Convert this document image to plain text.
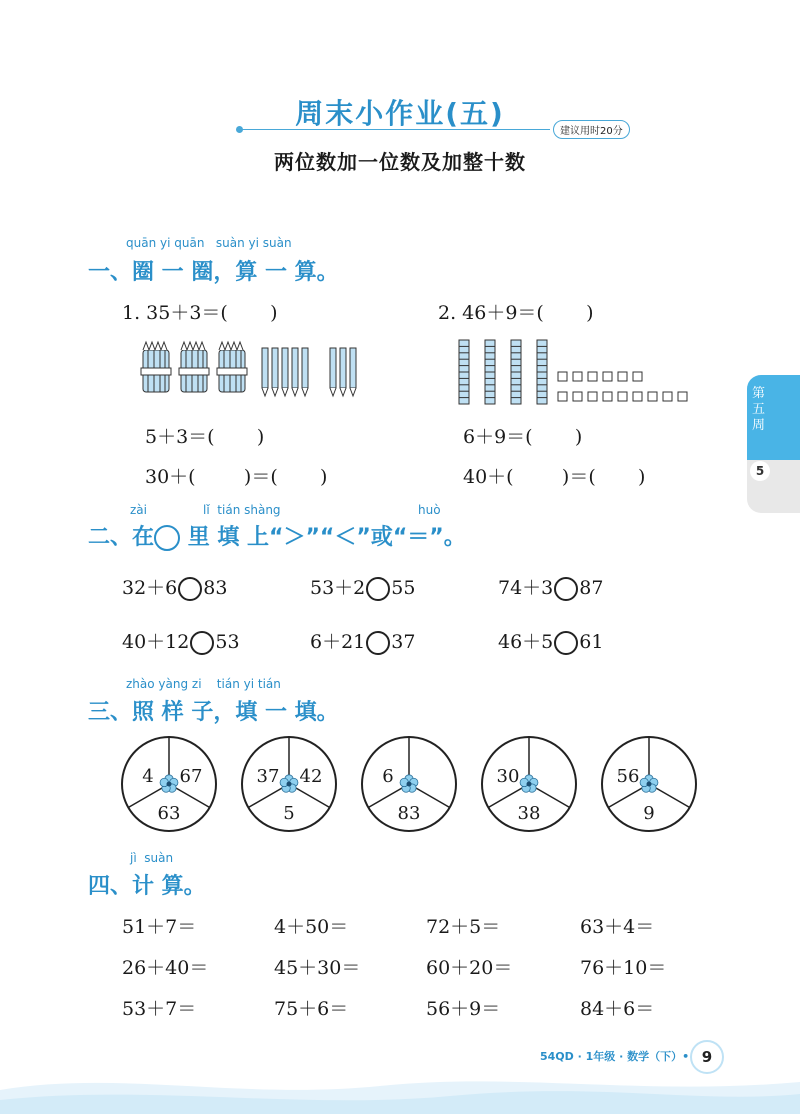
周末小作业(五)
建议用时20分
两位数加一位数及加整十数
quān yi quān   suàn yi suàn
一、圈 一 圈，算 一 算。
1. 35＋3＝(       )	2. 46＋9＝(       )
5＋3＝(       )
30＋(        )＝(       )
6＋9＝(       )
40＋(        )＝(       )
第五周
5
zài	lǐ  tián shàng	huò
二、在 里 填 上“＞”“＜”或“＝”。
32＋6 83	53＋2 55	74＋3 87
40＋12 53	6＋21 37	46＋5 61
zhào yàng zi    tián yi tián
三、照 样 子，填 一 填。
4 67
63
37 42
5
6
83
30
38
56
9
jì  suàn
四、计 算。
51＋7＝	4＋50＝	72＋5＝	63＋4＝
26＋40＝	45＋30＝	60＋20＝	76＋10＝
53＋7＝	75＋6＝	56＋9＝	84＋6＝
54QD · 1年级 · 数学（下）• 9
